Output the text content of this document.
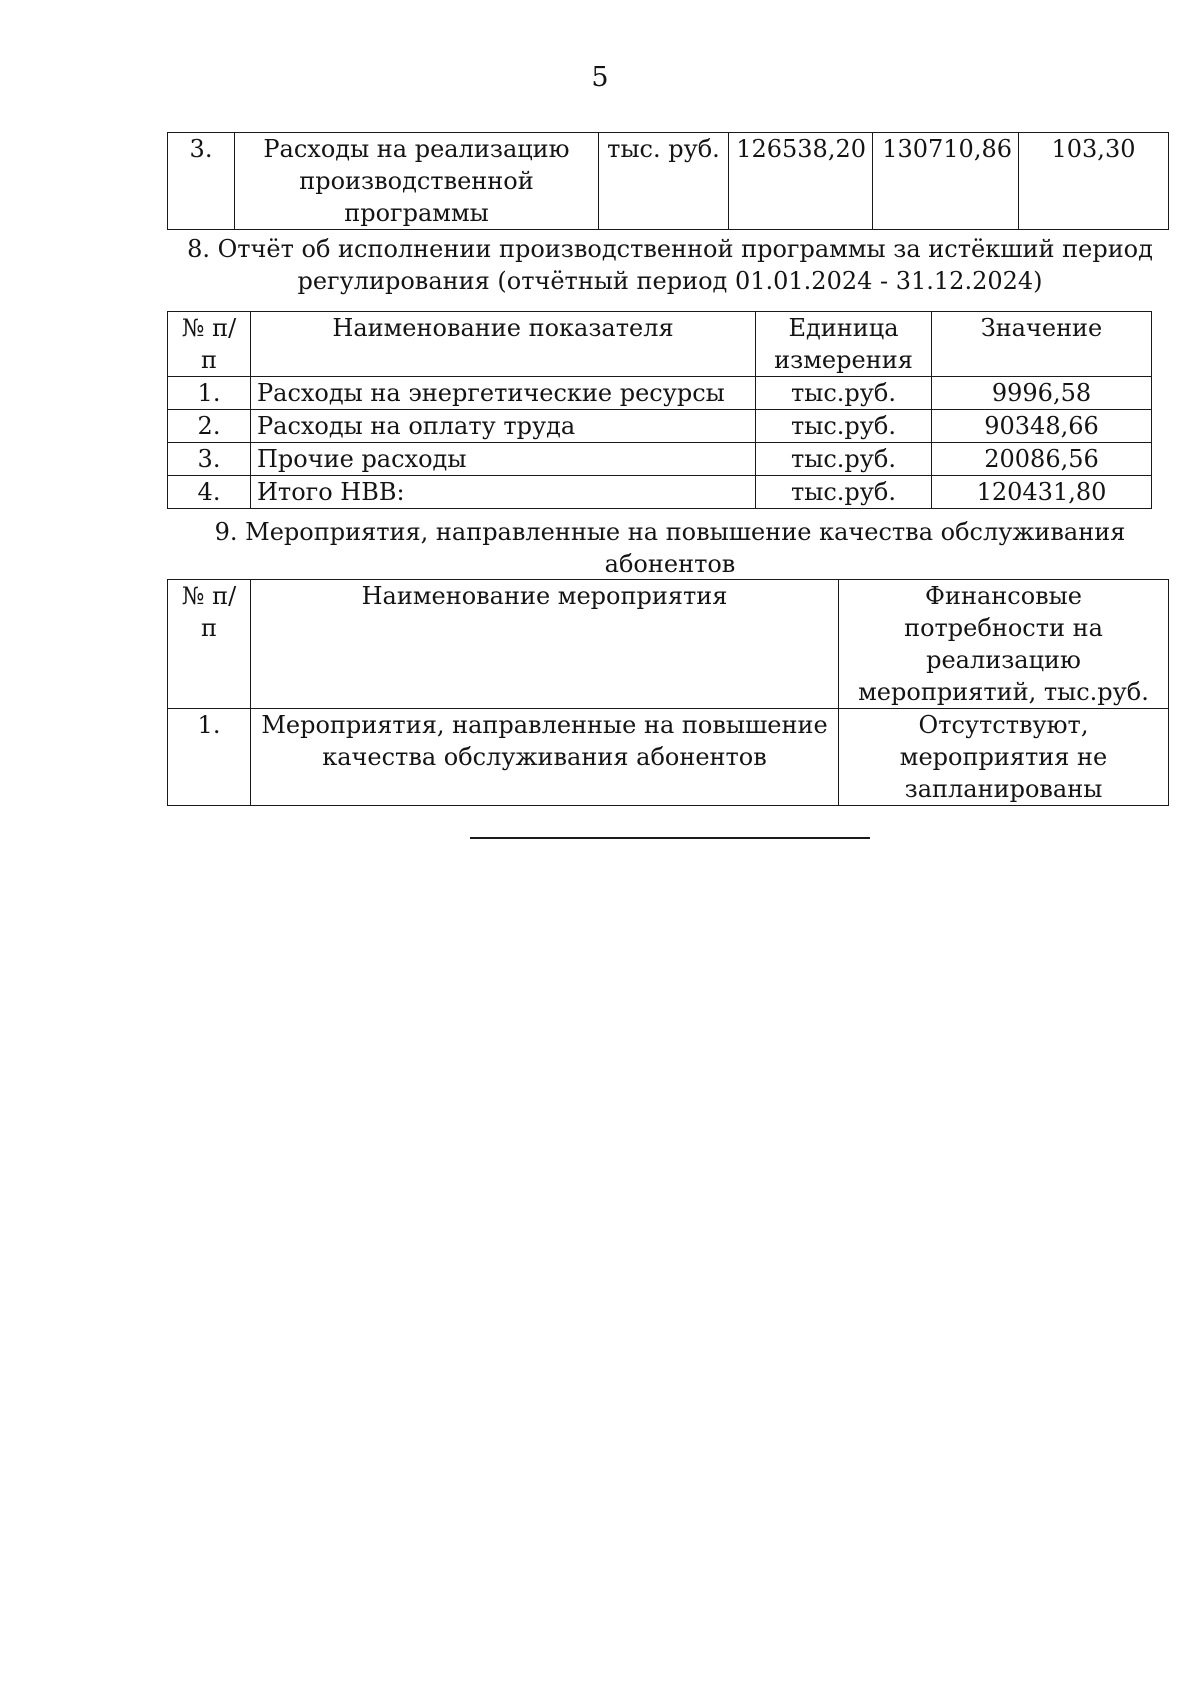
5
3.	Расходы на реализацию производственной программы	тыс. руб.	126538,20	130710,86	103,30
8. Отчёт об исполнении производственной программы за истёкший период регулирования (отчётный период 01.01.2024 - 31.12.2024)
№ п/п	Наименование показателя	Единица измерения	Значение
1.	Расходы на энергетические ресурсы	тыс.руб.	9996,58
2.	Расходы на оплату труда	тыс.руб.	90348,66
3.	Прочие расходы	тыс.руб.	20086,56
4.	Итого НВВ:	тыс.руб.	120431,80
9. Мероприятия, направленные на повышение качества обслуживания абонентов
№ п/п	Наименование мероприятия	Финансовые потребности на реализацию мероприятий, тыс.руб.
1.	Мероприятия, направленные на повышение качества обслуживания абонентов	Отсутствуют, мероприятия не запланированы
